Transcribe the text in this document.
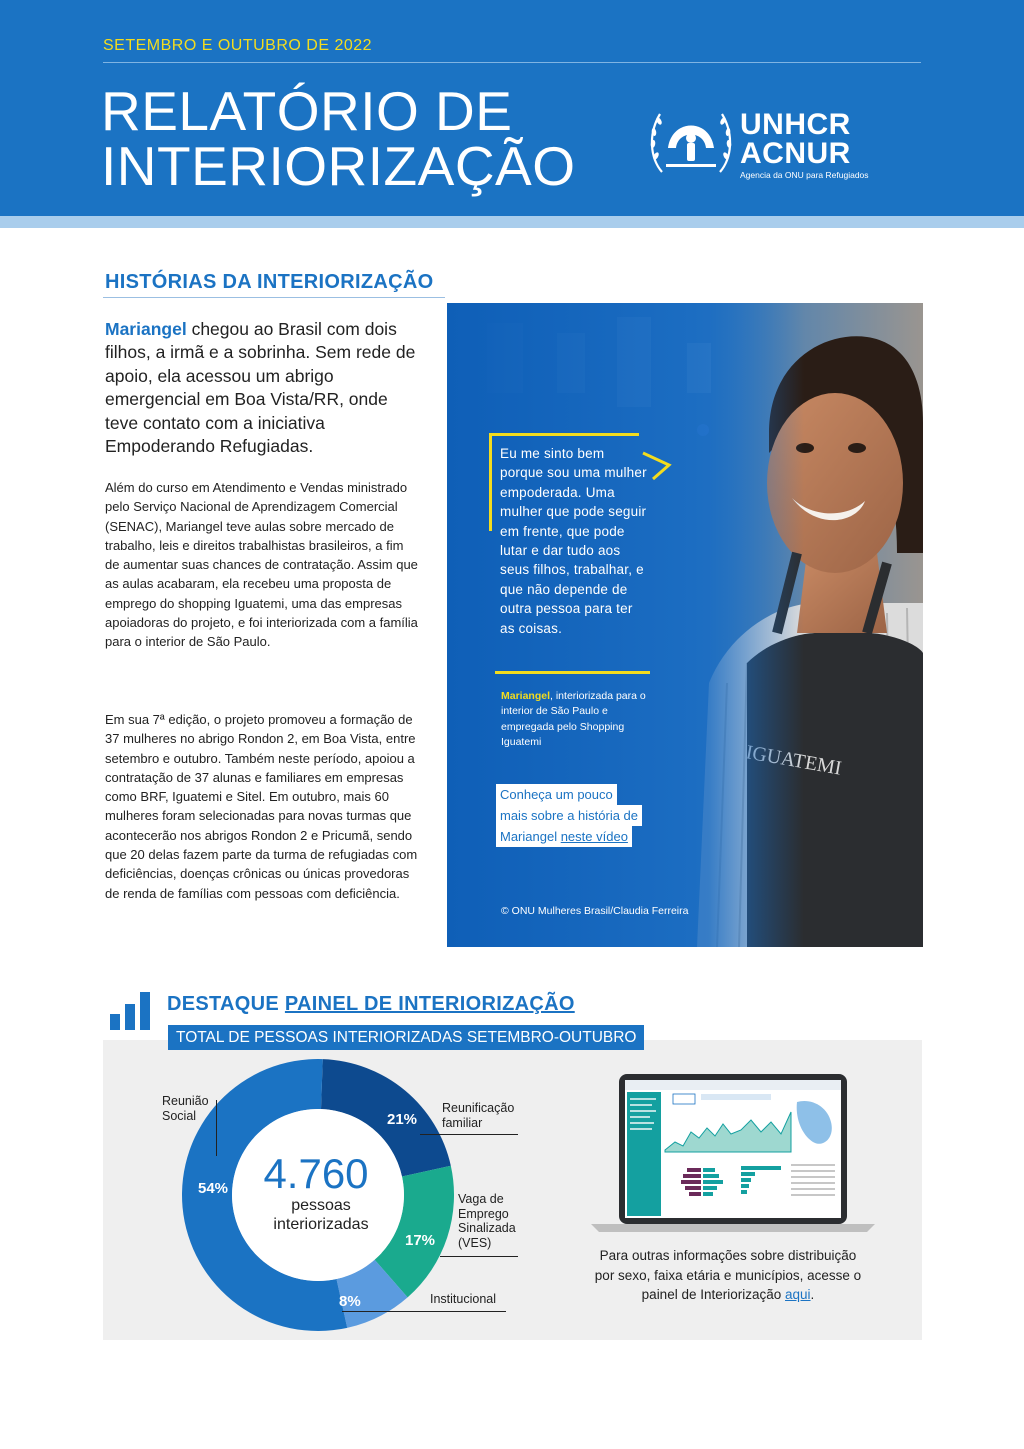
SETEMBRO E OUTUBRO DE 2022
RELATÓRIO DE
INTERIORIZAÇÃO
UNHCR
ACNUR
Agencia da ONU para Refugiados
HISTÓRIAS DA INTERIORIZAÇÃO

Mariangel chegou ao Brasil com dois filhos, a irmã e a sobrinha. Sem rede de apoio, ela acessou um abrigo emergencial em Boa Vista/RR, onde teve contato com a iniciativa Empoderando Refugiadas.

Além do curso em Atendimento e Vendas ministrado pelo Serviço Nacional de Aprendizagem Comercial (SENAC), Mariangel teve aulas sobre mercado de trabalho, leis e direitos trabalhistas brasileiros, a fim de aumentar suas chances de contratação. Assim que as aulas acabaram, ela recebeu uma proposta de emprego do shopping Iguatemi, uma das empresas apoiadoras do projeto, e foi interiorizada com a família para o interior de São Paulo.

Em sua 7ª edição, o projeto promoveu a formação de 37 mulheres no abrigo Rondon 2, em Boa Vista, entre setembro e outubro. Também neste período, apoiou a contratação de 37 alunas e familiares em empresas como BRF, Iguatemi e Sitel. Em outubro, mais 60 mulheres foram selecionadas para novas turmas que acontecerão nos abrigos Rondon 2 e Pricumã, sendo que 20 delas fazem parte da turma de refugiadas com deficiências, doenças crônicas ou únicas provedoras de renda de famílias com pessoas com deficiência.

Eu me sinto bem porque sou uma mulher empoderada. Uma mulher que pode seguir em frente, que pode lutar e dar tudo aos seus filhos, trabalhar, e que não depende de outra pessoa para ter as coisas.

Mariangel, interiorizada para o interior de São Paulo e empregada pelo Shopping Iguatemi

Conheça um pouco
mais sobre a história de
Mariangel neste vídeo
© ONU Mulheres Brasil/Claudia Ferreira
DESTAQUE PAINEL DE INTERIORIZAÇÃO
TOTAL DE PESSOAS INTERIORIZADAS SETEMBRO-OUTUBRO
54%
21%
17%
8%
4.760
pessoas
interiorizadas
Reunião Social
Reunificação familiar
Vaga de Emprego Sinalizada (VES)
Institucional

Para outras informações sobre distribuição por sexo, faixa etária e municípios, acesse o painel de Interiorização aqui.
